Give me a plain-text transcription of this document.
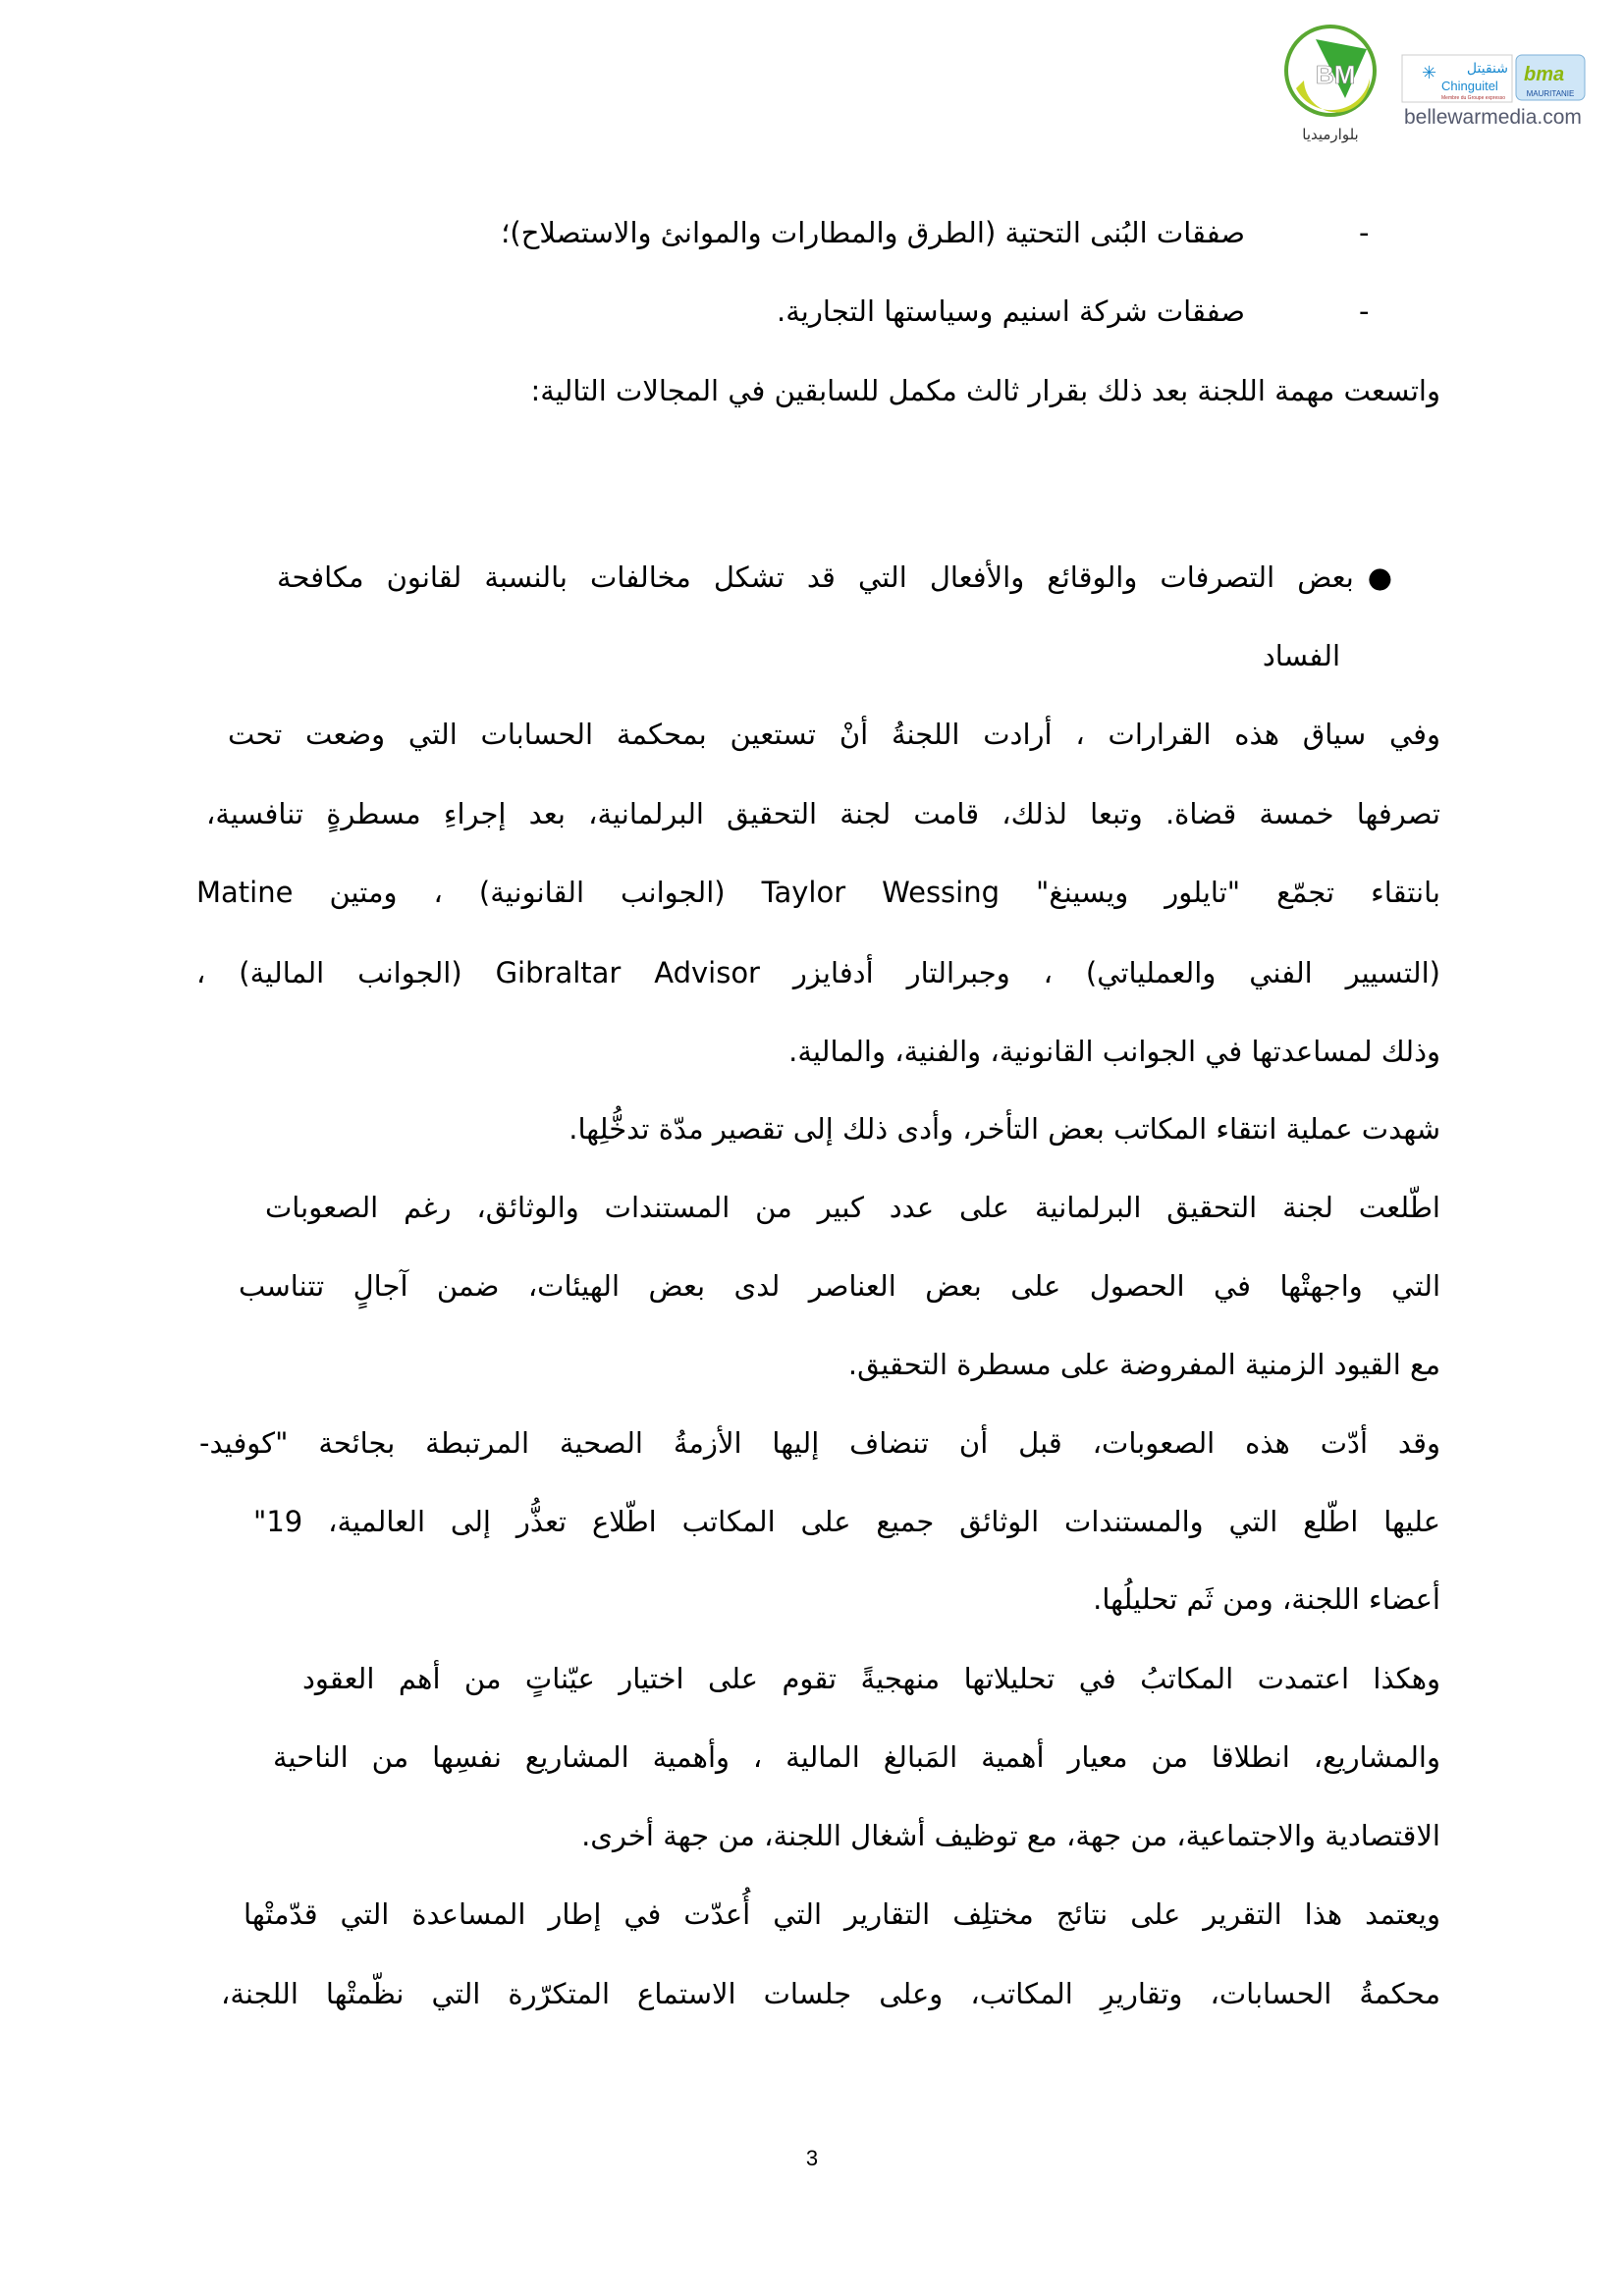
BM
بلوارميديا
✳ شنقيتل
Chinguitel
Membre du Groupe expresso
bma
MAURITANIE
bellewarmedia.com
-
صفقات البُنى التحتية (الطرق والمطارات والموانئ والاستصلاح)؛
-
صفقات شركة اسنيم وسياستها التجارية.
واتسعت مهمة اللجنة بعد ذلك بقرار ثالث مكمل للسابقين في المجالات التالية:
●بعض التصرفات والوقائع والأفعال التي قد تشكل مخالفات بالنسبة لقانون مكافحة
الفساد
وفي سياق هذه القرارات ، أرادت اللجنةُ أنْ تستعين بمحكمة الحسابات التي وضعت تحت
تصرفها خمسة قضاة. وتبعا لذلك، قامت لجنة التحقيق البرلمانية، بعد إجراءِ مسطرةٍ تنافسية،
بانتقاء تجمّع "تايلور ويسينغ" Taylor Wessing (الجوانب القانونية) ، ومتين Matine
(التسيير الفني والعملياتي) ، وجبرالتار أدفايزر Gibraltar Advisor (الجوانب المالية) ،
وذلك لمساعدتها في الجوانب القانونية، والفنية، والمالية.
شهدت عملية انتقاء المكاتب بعض التأخر، وأدى ذلك إلى تقصير مدّة تدخُّلِها.
اطّلعت لجنة التحقيق البرلمانية على عدد كبير من المستندات والوثائق، رغم الصعوبات
التي واجهتْها في الحصول على بعض العناصر لدى بعض الهيئات، ضمن آجالٍ تتناسب
مع القيود الزمنية المفروضة على مسطرة التحقيق.
وقد أدّت هذه الصعوبات، قبل أن تنضاف إليها الأزمةُ الصحية المرتبطة بجائحة "كوفيد-
19" العالمية، إلى تعذُّر اطّلاع المكاتب على جميع الوثائق والمستندات التي اطّلع عليها
أعضاء اللجنة، ومن ثَم تحليلُها.
وهكذا اعتمدت المكاتبُ في تحليلاتها منهجيةً تقوم على اختيار عيّناتٍ من أهم العقود
والمشاريع، انطلاقا من معيار أهمية المَبالغ المالية ، وأهمية المشاريع نفسِها من الناحية
الاقتصادية والاجتماعية، من جهة، مع توظيف أشغال اللجنة، من جهة أخرى.
ويعتمد هذا التقرير على نتائج مختلِف التقارير التي أُعدّت في إطار المساعدة التي قدّمتْها
محكمةُ الحسابات، وتقاريرِ المكاتب، وعلى جلسات الاستماع المتكرّرة التي نظّمتْها اللجنة،
3
